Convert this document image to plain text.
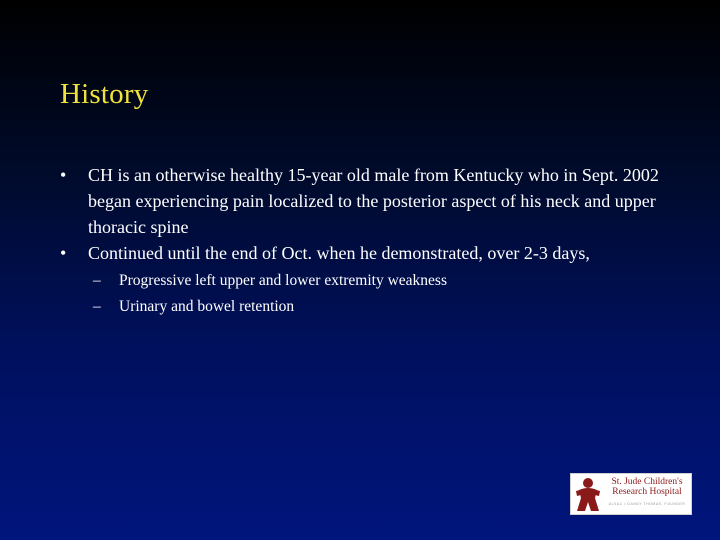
History
• CH is an otherwise healthy 15-year old male from Kentucky who in Sept. 2002 began experiencing pain localized to the posterior aspect of his neck and upper thoracic spine
• Continued until the end of Oct. when he demonstrated, over 2-3 days,
– Progressive left upper and lower extremity weakness
– Urinary and bowel retention
St. Jude Children's
Research Hospital
ALSAC • DANNY THOMAS, FOUNDER
